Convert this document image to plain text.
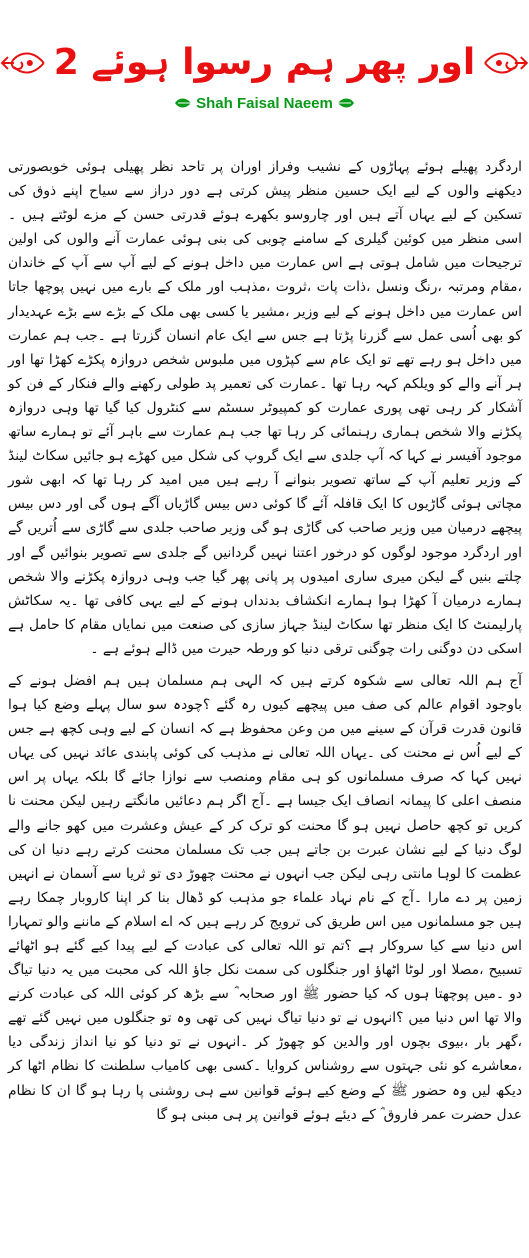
اور پھر ہم رسوا ہوئے 2
Shah Faisal Naeem

اردگرد پھیلے ہوئے پہاڑوں کے نشیب وفراز اوران پر تاحد نظر پھیلی ہوئی خوبصورتی دیکھنے والوں کے لیے ایک حسین منظر پیش کرتی ہے دور دراز سے سیاح اپنے ذوق کی تسکین کے لیے یہاں آتے ہیں اور چاروسو بکھرے ہوئے قدرتی حسن کے مزے لوٹتے ہیں ۔اسی منظر میں کوئین گیلری کے سامنے چوبی کی بنی ہوئی عمارت آنے والوں کی اولین ترجیحات میں شامل ہوتی ہے اس عمارت میں داخل ہونے کے لیے آپ سے آپ کے خاندان ،مقام ومرتبہ ،رنگ ونسل ،ذات پات ،ثروت ،مذہب اور ملک کے بارے میں نہیں پوچھا جاتا اس عمارت میں داخل ہونے کے لیے وزیر ،مشیر یا کسی بھی ملک کے بڑے سے بڑے عہدیدار کو بھی اُسی عمل سے گزرنا پڑتا ہے جس سے ایک عام انسان گزرتا ہے ۔جب ہم عمارت میں داخل ہو رہے تھے تو ایک عام سے کپڑوں میں ملبوس شخص دروازہ پکڑے کھڑا تھا اور ہر آنے والے کو ویلکم کہہ رہا تھا ۔عمارت کی تعمیر پد طولی رکھنے والے فنکار کے فن کو آشکار کر رہی تھی پوری عمارت کو کمپیوٹر سسٹم سے کنٹرول کیا گیا تھا وہی دروازہ پکڑنے والا شخص ہماری رہنمائی کر رہا تھا جب ہم عمارت سے باہر آئے تو ہمارے ساتھ موجود آفیسر نے کہا کہ آپ جلدی سے ایک گروپ کی شکل میں کھڑے ہو جائیں سکاٹ لینڈ کے وزیر تعلیم آپ کے ساتھ تصویر بنوانے آ رہے ہیں میں امید کر رہا تھا کہ ابھی شور مچاتی ہوئی گاڑیوں کا ایک قافلہ آئے گا کوئی دس بیس گاڑیاں آگے ہوں گی اور دس بیس پیچھے درمیان میں وزیر صاحب کی گاڑی ہو گی وزیر صاحب جلدی سے گاڑی سے اُتریں گے اور اردگرد موجود لوگوں کو درخور اعتنا نہیں گردانیں گے جلدی سے تصویر بنوائیں گے اور چلتے بنیں گے لیکن میری ساری امیدوں پر پانی پھر گیا جب وہی دروازہ پکڑنے والا شخص ہمارے درمیان آ کھڑا ہوا ہمارے انکشاف بدنداں ہونے کے لیے یہی کافی تھا ۔یہ سکاٹش پارلیمنٹ کا ایک منظر تھا سکاٹ لینڈ جہاز سازی کی صنعت میں نمایاں مقام کا حامل ہے اسکی دن دوگنی رات چوگنی ترقی دنیا کو ورطہ حیرت میں ڈالے ہوئے ہے ۔

آج ہم اللہ تعالی سے شکوہ کرتے ہیں کہ الہی ہم مسلمان ہیں ہم افضل ہونے کے باوجود اقوام عالم کی صف میں پیچھے کیوں رہ گئے ؟چودہ سو سال پہلے وضع کیا ہوا قانون قدرت قرآن کے سینے میں من وعن محفوظ ہے کہ انسان کے لیے وہی کچھ ہے جس کے لیے اُس نے محنت کی ۔یہاں اللہ تعالی نے مذہب کی کوئی پابندی عائد نہیں کی یہاں نہیں کہا کہ صرف مسلمانوں کو ہی مقام ومنصب سے نوازا جائے گا بلکہ یہاں پر اس منصف اعلی کا پیمانہ انصاف ایک جیسا ہے ۔آج اگر ہم دعائیں مانگتے رہیں لیکن محنت نا کریں تو کچھ حاصل نہیں ہو گا محنت کو ترک کر کے عیش وعشرت میں کھو جانے والے لوگ دنیا کے لیے نشان عبرت بن جاتے ہیں جب تک مسلمان محنت کرتے رہے دنیا ان کی عظمت کا لوہا مانتی رہی لیکن جب انہوں نے محنت چھوڑ دی تو ثریا سے آسمان نے انہیں زمین پر دے مارا ۔آج کے نام نہاد علماء جو مذہب کو ڈھال بنا کر اپنا کاروبار چمکا رہے ہیں جو مسلمانوں میں اس طریق کی ترویج کر رہے ہیں کہ اے اسلام کے ماننے والو تمہارا اس دنیا سے کیا سروکار ہے ؟تم تو اللہ تعالی کی عبادت کے لیے پیدا کیے گئے ہو اٹھائے تسبیح ،مصلا اور لوٹا اٹھاؤ اور جنگلوں کی سمت نکل جاؤ اللہ کی محبت میں یہ دنیا تیاگ دو ۔میں پوچھتا ہوں کہ کیا حضور ﷺ اور صحابہ ؓ سے بڑھ کر کوئی اللہ کی عبادت کرنے والا تھا اس دنیا میں ؟انہوں نے تو دنیا تیاگ نہیں کی تھی وہ تو جنگلوں میں نہیں گئے تھے ،گھر بار ،بیوی بچوں اور والدین کو چھوڑ کر ۔انہوں نے تو دنیا کو نیا انداز زندگی دیا ،معاشرے کو نئی جہتوں سے روشناس کروایا ۔کسی بھی کامیاب سلطنت کا نظام اٹھا کر دیکھ لیں وہ حضور ﷺ کے وضع کیے ہوئے قوانین سے ہی روشنی پا رہا ہو گا ان کا نظام عدل حضرت عمر فاروق ؓ کے دیئے ہوئے قوانین پر ہی مبنی ہو گا
